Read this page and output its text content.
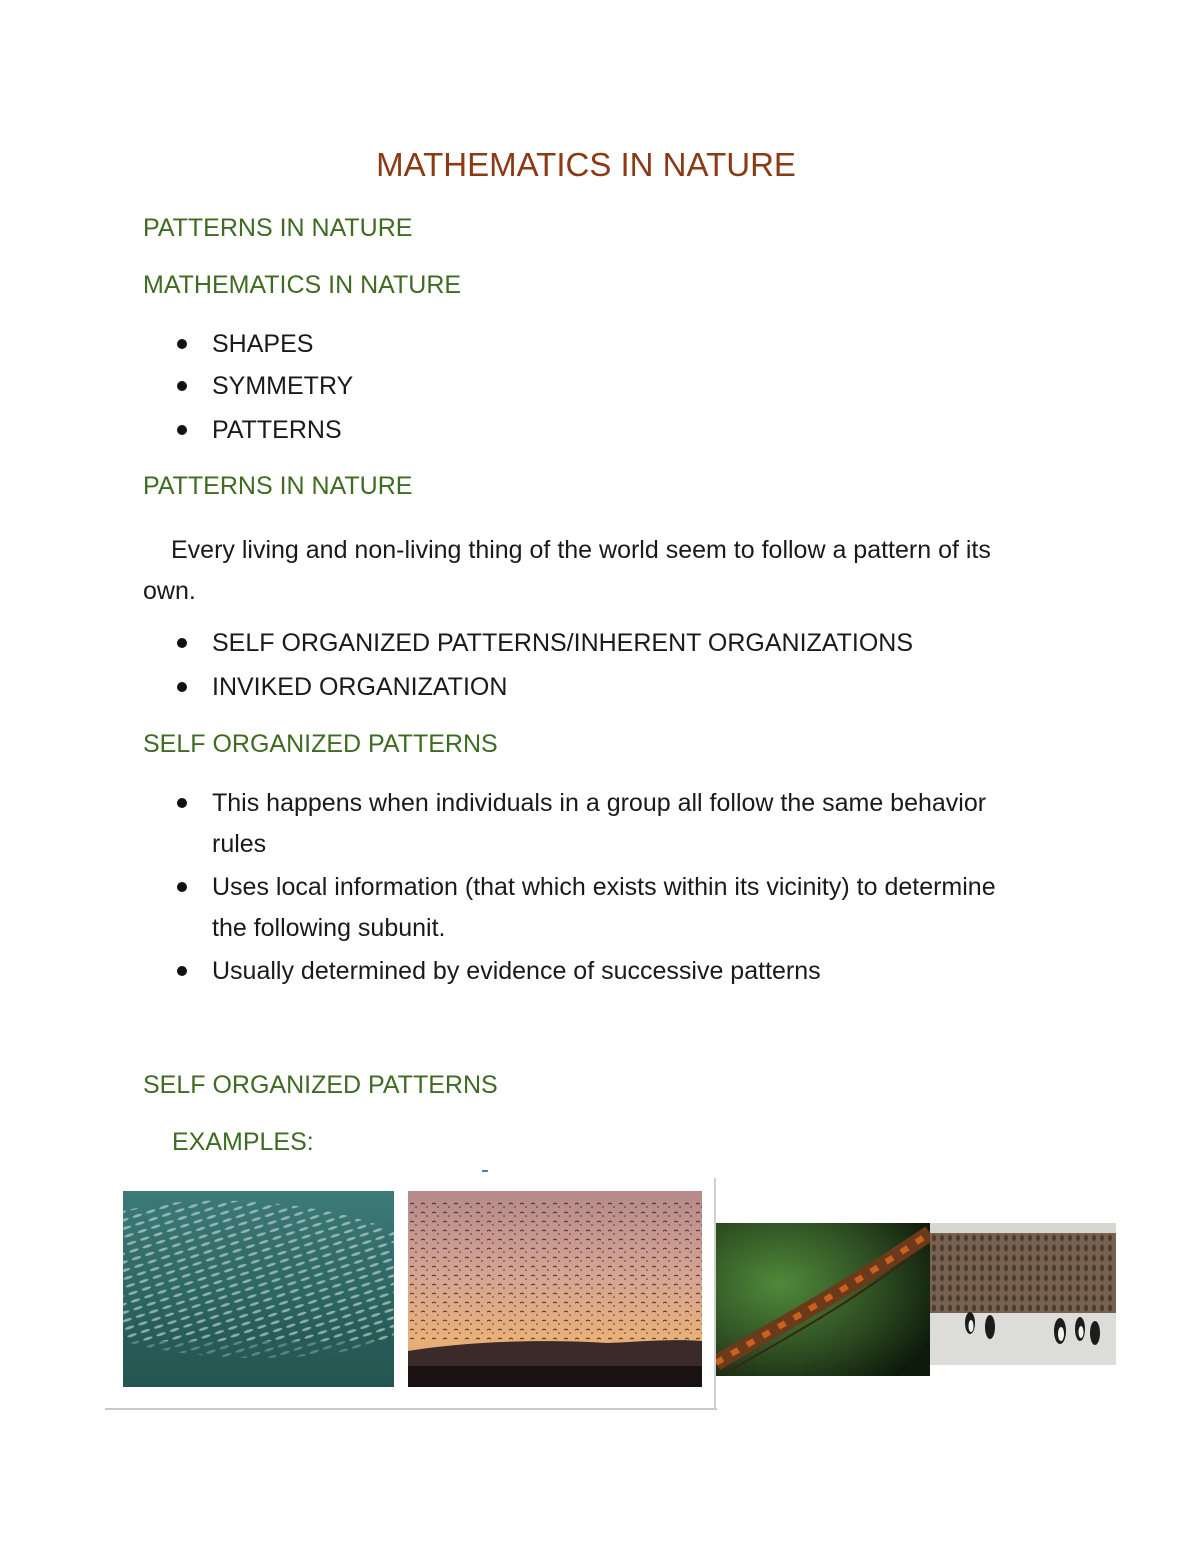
MATHEMATICS IN NATURE
PATTERNS IN NATURE
MATHEMATICS IN NATURE
SHAPES
SYMMETRY
PATTERNS
PATTERNS IN NATURE
Every living and non-living thing of the world seem to follow a pattern of its own.
SELF ORGANIZED PATTERNS/INHERENT ORGANIZATIONS
INVIKED ORGANIZATION
SELF ORGANIZED PATTERNS
This happens when individuals in a group all follow the same behavior rules
Uses local information (that which exists within its vicinity) to determine the following subunit.
Usually determined by evidence of successive patterns
SELF ORGANIZED PATTERNS
EXAMPLES:
